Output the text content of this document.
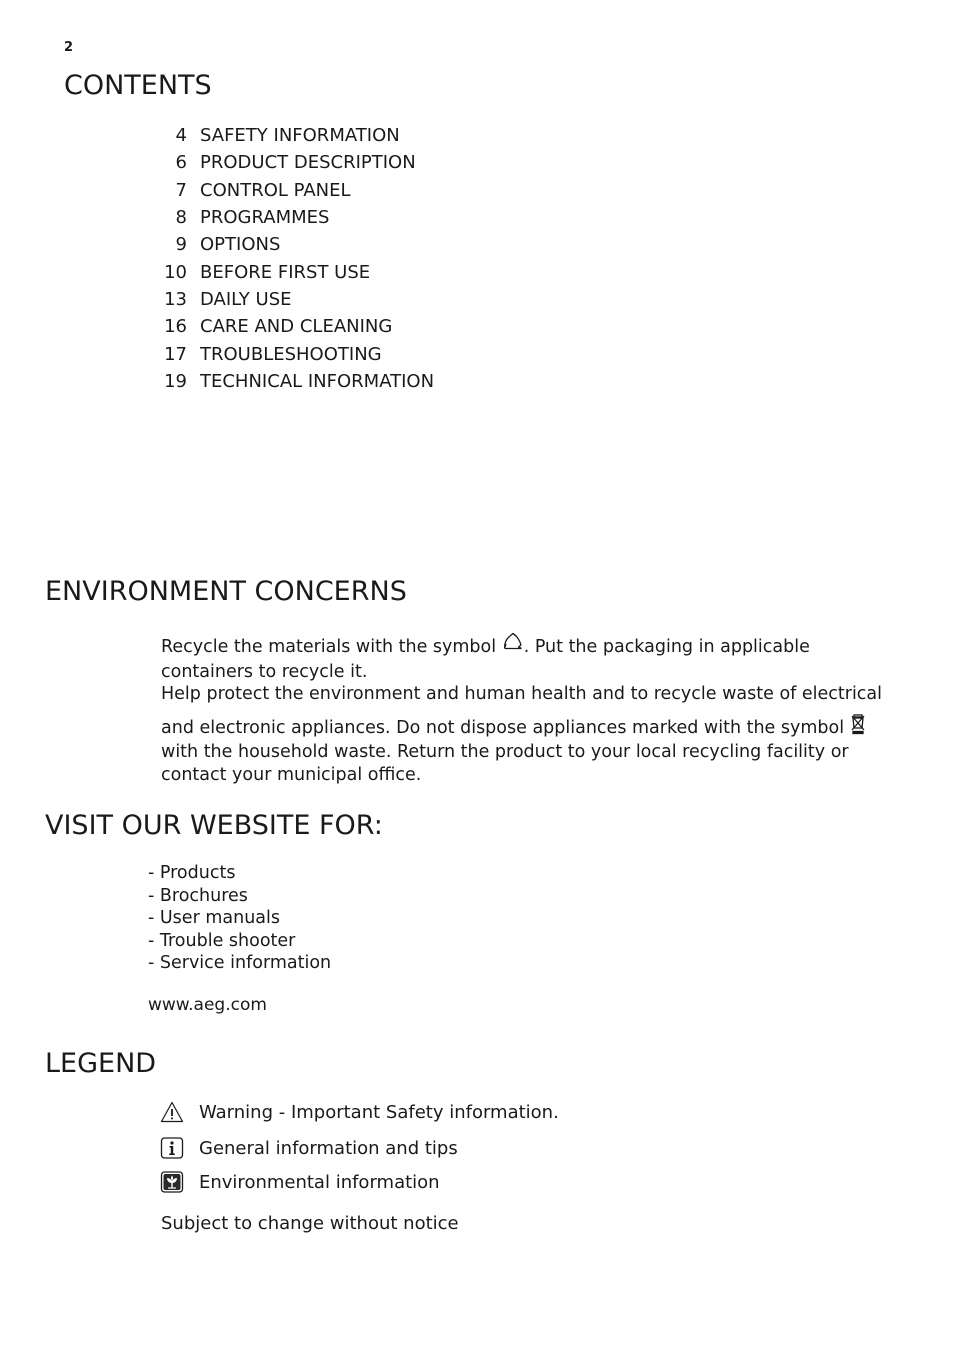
2
CONTENTS
4 SAFETY INFORMATION
6 PRODUCT DESCRIPTION
7 CONTROL PANEL
8 PROGRAMMES
9 OPTIONS
10 BEFORE FIRST USE
13 DAILY USE
16 CARE AND CLEANING
17 TROUBLESHOOTING
19 TECHNICAL INFORMATION
ENVIRONMENT CONCERNS

Recycle the materials with the symbol . Put the packaging in applicable

containers to recycle it.

Help protect the environment and human health and to recycle waste of electrical

and electronic appliances. Do not dispose appliances marked with the symbol

with the household waste. Return the product to your local recycling facility or

contact your municipal office.

VISIT OUR WEBSITE FOR:
- Products
- Brochures
- User manuals
- Trouble shooter
- Service information
www.aeg.com
LEGEND
Warning - Important Safety information.
General information and tips
Environmental information
Subject to change without notice
